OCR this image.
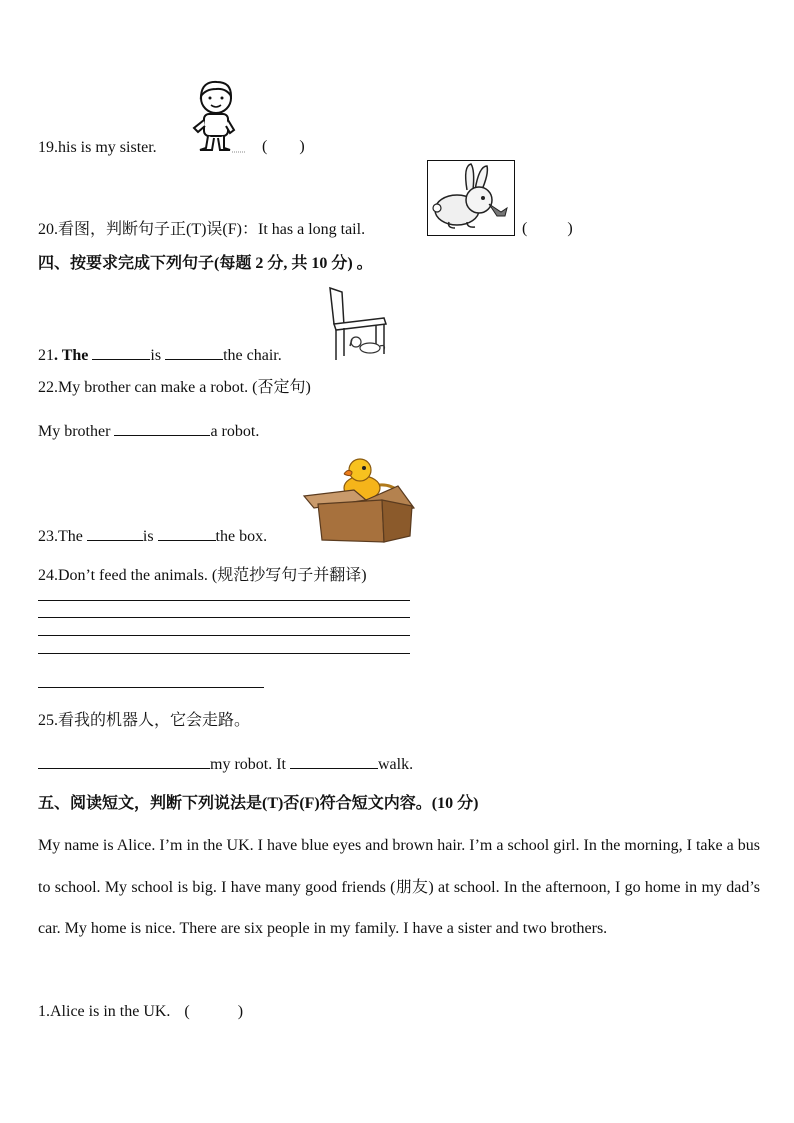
19.his is my sister.	(        )
20.看图，判断句子正(T)误(F)：It has a long tail.	(          )
四、按要求完成下列句子(每题 2 分, 共 10 分) 。
21. The	is	the chair.
22.My brother can make a robot. (否定句)
My brother	a robot.
23.The	is	the box.
24.Don’t feed the animals. (规范抄写句子并翻译)
25.看我的机器人，它会走路。
my robot. It	walk.
五、阅读短文，判断下列说法是(T)否(F)符合短文内容。(10 分)
My name is Alice. I’m in the UK. I have blue eyes and brown hair. I’m a school girl. In the morning, I take a bus to school. My school is big. I have many good friends (朋友) at school. In the afternoon, I go home in my dad’s car. My home is nice. There are six people in my family. I have a sister and two brothers.
1.Alice is in the UK. (            )
